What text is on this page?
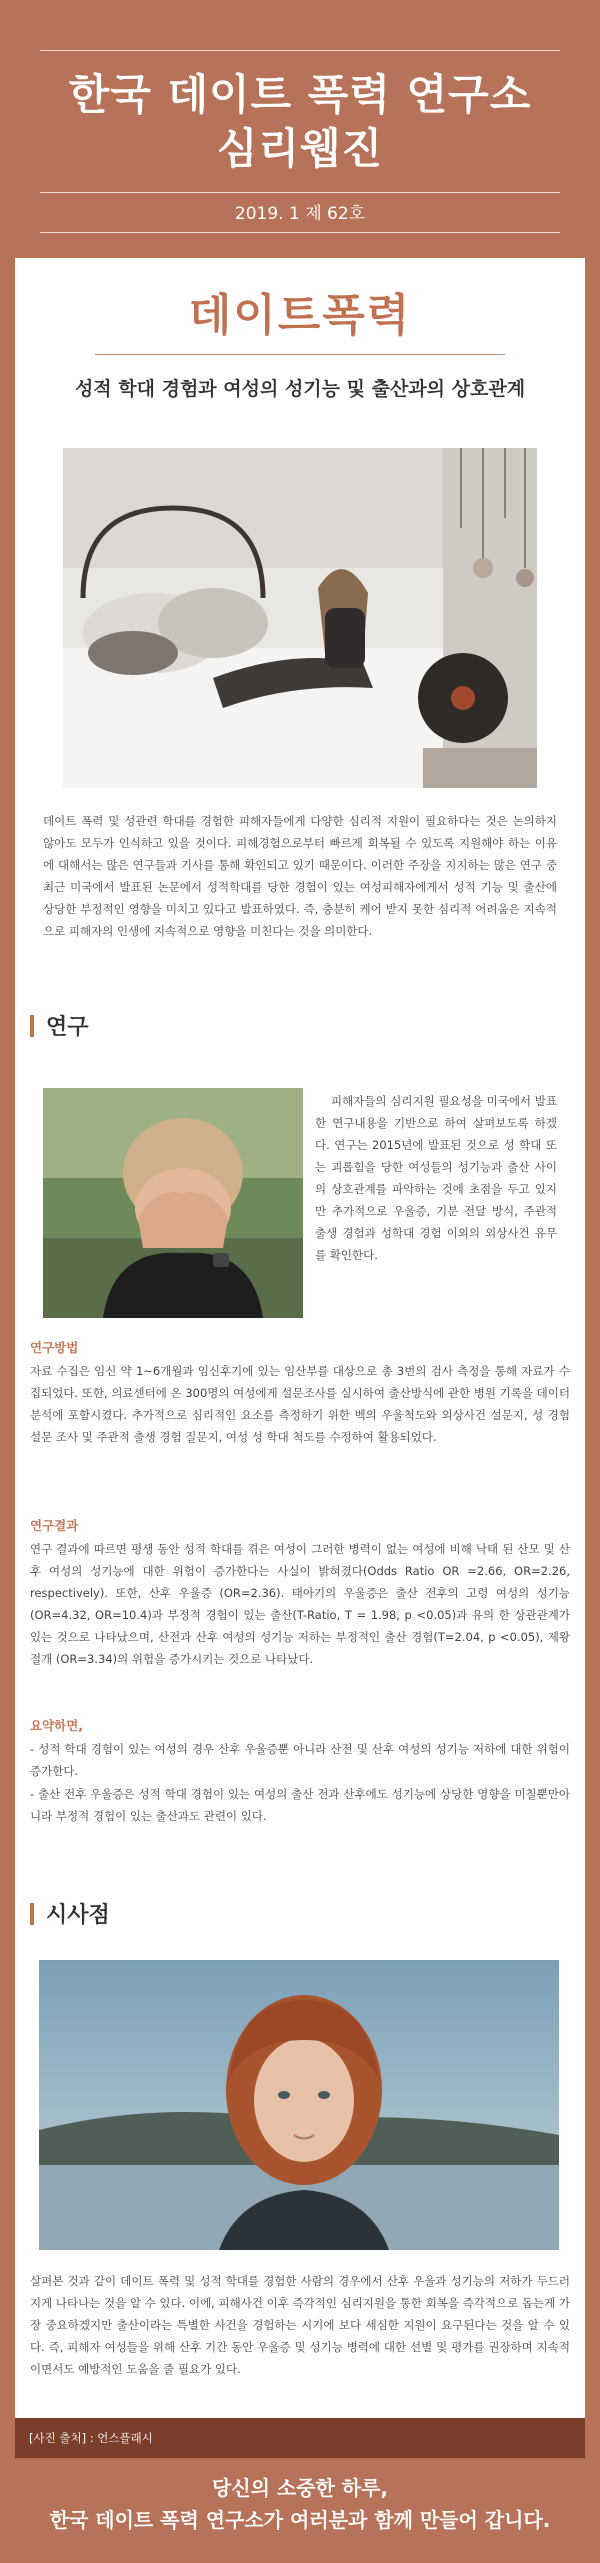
한국 데이트 폭력 연구소
심리웹진
2019. 1 제 62호
데이트폭력
성적 학대 경험과 여성의 성기능 및 출산과의 상호관계
데이트 폭력 및 성관련 학대를 경험한 피해자들에게 다양한 심리적 지원이 필요하다는 것은 논의하지 않아도 모두가 인식하고 있을 것이다. 피해경험으로부터 빠르게 회복될 수 있도록 지원해야 하는 이유에 대해서는 많은 연구들과 기사를 통해 확인되고 있기 때문이다. 이러한 주장을 지지하는 많은 연구 중 최근 미국에서 발표된 논문에서 성적학대를 당한 경험이 있는 여성피해자에게서 성적 기능 및 출산에 상당한 부정적인 영향을 미치고 있다고 발표하였다. 즉, 충분히 케어 받지 못한 심리적 어려움은 지속적으로 피해자의 인생에 지속적으로 영향을 미친다는 것을 의미한다.
연구
피해자들의 심리지원 필요성을 미국에서 발표한 연구내용을 기반으로 하여 살펴보도록 하겠다. 연구는 2015년에 발표된 것으로 성 학대 또는 괴롭힘을 당한 여성들의 성기능과 출산 사이의 상호관계를 파악하는 것에 초점을 두고 있지만 추가적으로 우울증, 기분 전달 방식, 주관적 출생 경험과 성학대 경험 이외의 외상사건 유무를 확인한다.
연구방법
자료 수집은 임신 약 1~6개월과 임신후기에 있는 임산부를 대상으로 총 3번의 검사 측정을 통해 자료가 수집되었다. 또한, 의료센터에 온 300명의 여성에게 설문조사를 실시하여 출산방식에 관한 병원 기록을 데이터 분석에 포함시켰다. 추가적으로 심리적인 요소를 측정하기 위한 벡의 우울척도와 외상사건 설문지, 성 경험 설문 조사 및 주관적 출생 경험 질문지, 여성 성 학대 척도를 수정하여 활용되었다.
연구결과
연구 결과에 따르면 평생 동안 성적 학대를 겪은 여성이 그러한 병력이 없는 여성에 비해 낙태 된 산모 및 산후 여성의 성기능에 대한 위험이 증가한다는 사실이 밝혀졌다(Odds Ratio OR =2.66, OR=2.26, respectively). 또한, 산후 우울증 (OR=2.36). 태아기의 우울증은 출산 전후의 고령 여성의 성기능(OR=4.32, OR=10.4)과 부정적 경험이 있는 출산(T-Ratio, T = 1.98, p <0.05)과 유의 한 상관관계가 있는 것으로 나타났으며, 산전과 산후 여성의 성기능 저하는 부정적인 출산 경험(T=2.04, p <0.05), 제왕 절개 (OR=3.34)의 위험을 증가시키는 것으로 나타났다.
요약하면,
- 성적 학대 경험이 있는 여성의 경우 산후 우울증뿐 아니라 산전 및 산후 여성의 성기능 저하에 대한 위험이 증가한다.
- 출산 전후 우울증은 성적 학대 경험이 있는 여성의 출산 전과 산후에도 성기능에 상당한 영향을 미칠뿐만아니라 부정적 경험이 있는 출산과도 관련이 있다.
시사점
살펴본 것과 같이 데이트 폭력 및 성적 학대를 경험한 사람의 경우에서 산후 우울과 성기능의 저하가 두드러지게 나타나는 것을 알 수 있다. 이에, 피해사건 이후 즉각적인 심리지원을 통한 회복을 즉각적으로 돕는게 가장 중요하겠지만 출산이라는 특별한 사건을 경험하는 시기에 보다 세심한 지원이 요구된다는 것을 알 수 있다. 즉, 피해자 여성들을 위해 산후 기간 동안 우울증 및 성기능 병력에 대한 선별 및 평가를 권장하며 지속적이면서도 예방적인 도움을 줄 필요가 있다.
[사진 출처] : 언스플래시
당신의 소중한 하루,
한국 데이트 폭력 연구소가 여러분과 함께 만들어 갑니다.
